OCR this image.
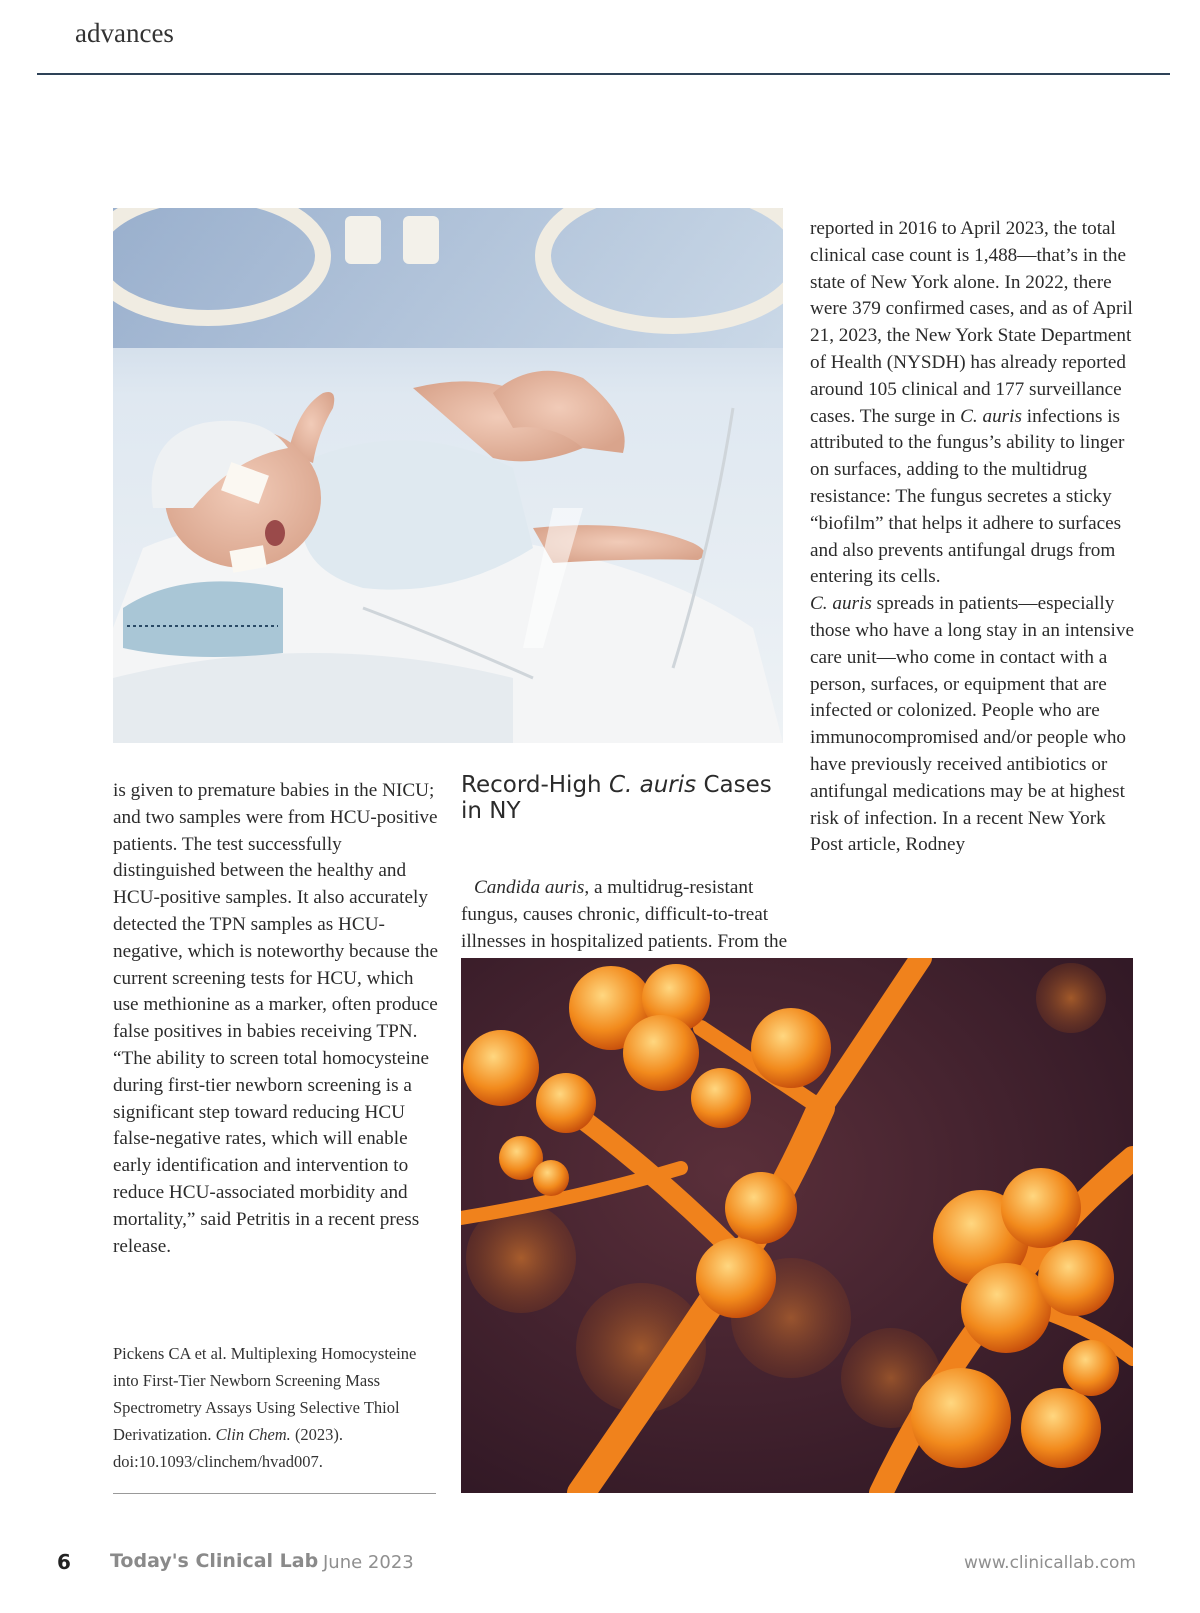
advances

is given to premature babies in the NICU; and two samples were from HCU-positive patients. The test successfully distinguished between the healthy and HCU-positive samples. It also accurately detected the TPN samples as HCU-negative, which is noteworthy because the current screening tests for HCU, which use methionine as a marker, often produce false positives in babies receiving TPN. “The ability to screen total homocysteine during first-tier newborn screening is a significant step toward reducing HCU false-negative rates, which will enable early identification and intervention to reduce HCU-associated morbidity and mortality,” said Petritis in a recent press release.

Pickens CA et al. Multiplexing Homocysteine into First-Tier Newborn Screening Mass Spectrometry Assays Using Selective Thiol Derivatization. Clin Chem. (2023). doi:10.1093/clinchem/hvad007.
Record-High C. auris Cases in NY

Candida auris, a multidrug-resistant fungus, causes chronic, difficult-to-treat illnesses in hospitalized patients. From the

reported in 2016 to April 2023, the total clinical case count is 1,488—that’s in the state of New York alone. In 2022, there were 379 confirmed cases, and as of April 21, 2023, the New York State Department of Health (NYSDH) has already reported around 105 clinical and 177 surveillance cases. The surge in C. auris infections is attributed to the fungus’s ability to linger on surfaces, adding to the multidrug resistance: The fungus secretes a sticky “biofilm” that helps it adhere to surfaces and also prevents antifungal drugs from entering its cells.

C. auris spreads in patients—especially those who have a long stay in an intensive care unit—who come in contact with a person, surfaces, or equipment that are infected or colonized. People who are immunocompromised and/or people who have previously received antibiotics or antifungal medications may be at highest risk of infection. In a recent New York Post article, Rodney

6 Today's Clinical Lab June 2023	www.clinicallab.com
